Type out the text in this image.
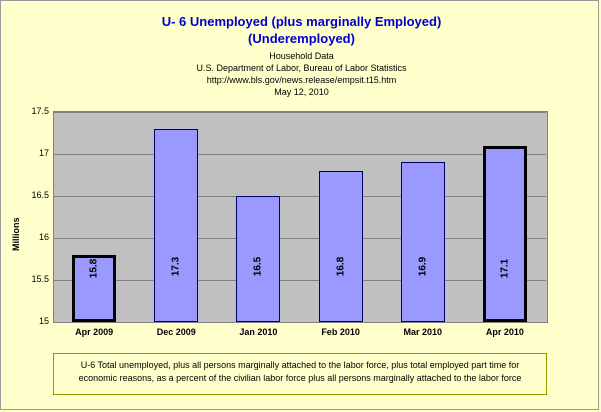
U- 6 Unemployed (plus marginally Employed)
(Underemployed)
Household Data
U.S. Department of Labor, Bureau of Labor Statistics
http://www.bls.gov/news.release/empsit.t15.htm
May 12, 2010
Millions
17.5
17
16.5
16
15.5
15
15.8	17.3	16.5	16.8	16.9	17.1
Apr 2009	Dec 2009	Jan 2010	Feb 2010	Mar 2010	Apr 2010
U-6 Total unemployed, plus all persons marginally attached to the labor force, plus total employed part time for economic reasons, as a percent of the civilian labor force plus all persons marginally attached to the labor force
